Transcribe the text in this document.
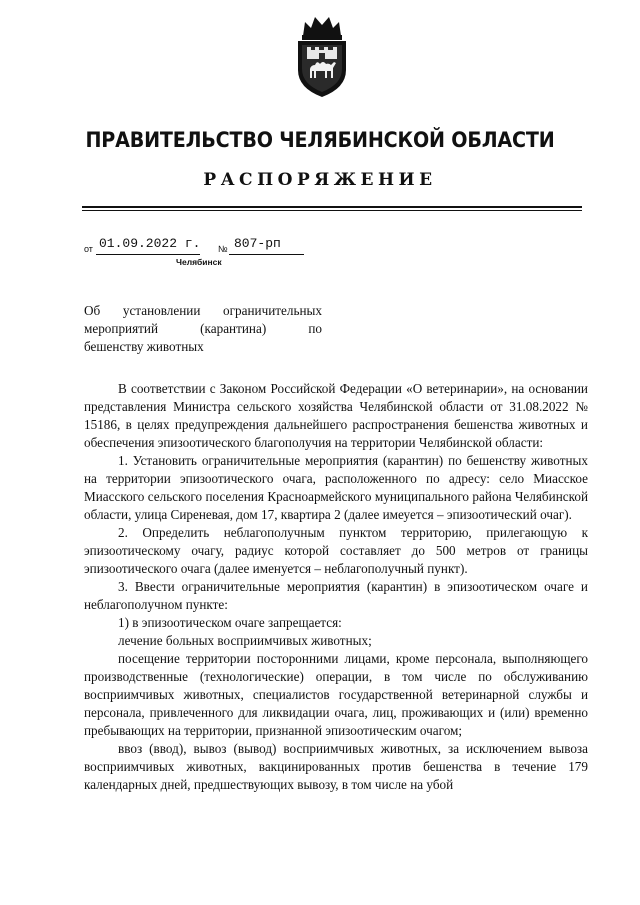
ПРАВИТЕЛЬСТВО ЧЕЛЯБИНСКОЙ ОБЛАСТИ
РАСПОРЯЖЕНИЕ
от 01.09.2022 г. № 807-рп
Челябинск

Об установлении ограничительных

мероприятий (карантина) по

бешенству животных

В соответствии с Законом Российской Федерации «О ветеринарии», на основании представления Министра сельского хозяйства Челябинской области от 31.08.2022 № 15186, в целях предупреждения дальнейшего распространения бешенства животных и обеспечения эпизоотического благополучия на территории Челябинской области:

1. Установить ограничительные мероприятия (карантин) по бешенству животных на территории эпизоотического очага, расположенного по адресу: село Миасское Миасского сельского поселения Красноармейского муниципального района Челябинской области, улица Сиреневая, дом 17, квартира 2 (далее имеуется – эпизоотический очаг).

2. Определить неблагополучным пунктом территорию, прилегающую к эпизоотическому очагу, радиус которой составляет до 500 метров от границы эпизоотического очага (далее именуется – неблагополучный пункт).

3. Ввести ограничительные мероприятия (карантин) в эпизоотическом очаге и неблагополучном пункте:

1) в эпизоотическом очаге запрещается:

лечение больных восприимчивых животных;

посещение территории посторонними лицами, кроме персонала, выполняющего производственные (технологические) операции, в том числе по обслуживанию восприимчивых животных, специалистов государственной ветеринарной службы и персонала, привлеченного для ликвидации очага, лиц, проживающих и (или) временно пребывающих на территории, признанной эпизоотическим очагом;

ввоз (ввод), вывоз (вывод) восприимчивых животных, за исключением вывоза восприимчивых животных, вакцинированных против бешенства в течение 179 календарных дней, предшествующих вывозу, в том числе на убой
